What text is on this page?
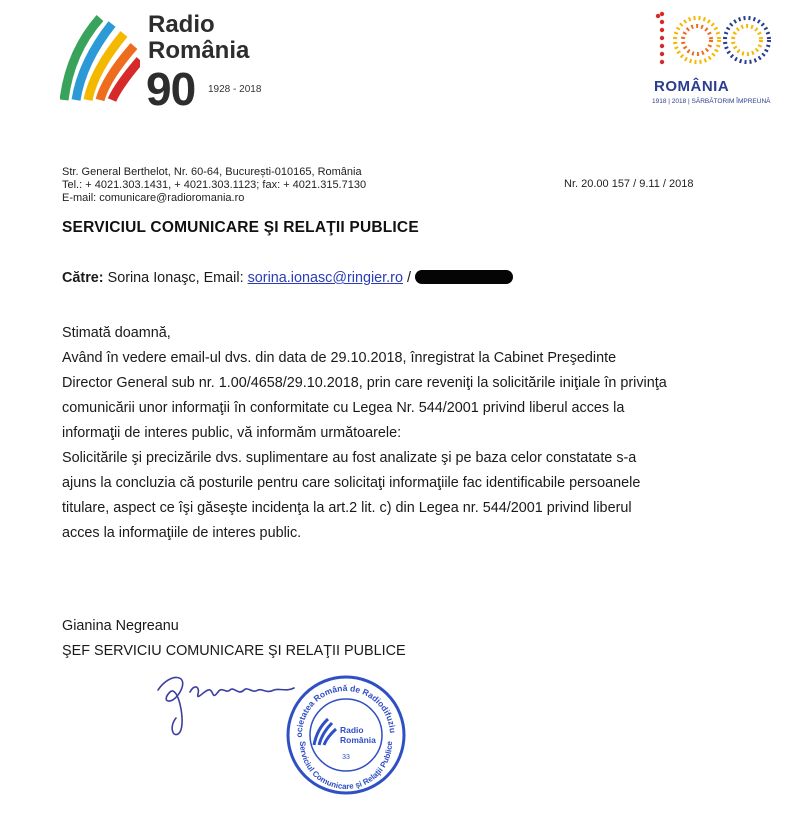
Radio
România
90 1928 - 2018	ROMÂNIA
1918 | 2018 | SĂRBĂTORIM ÎMPREUNĂ
Str. General Berthelot, Nr. 60-64, București-010165, România
Tel.: + 4021.303.1431, + 4021.303.1123; fax: + 4021.315.7130
E-mail: comunicare@radioromania.ro
Nr. 20.00 157 / 9.11 / 2018
SERVICIUL COMUNICARE ŞI RELAŢII PUBLICE
Către: Sorina Ionaşc, Email: sorina.ionasc@ringier.ro /
Stimată doamnă,
Având în vedere email-ul dvs. din data de 29.10.2018, înregistrat la Cabinet Preşedinte
Director General sub nr. 1.00/4658/29.10.2018, prin care reveniţi la solicitările iniţiale în privinţa
comunicării unor informaţii în conformitate cu Legea Nr. 544/2001 privind liberul acces la
informaţii de interes public, vă informăm următoarele:
Solicitările şi precizările dvs. suplimentare au fost analizate şi pe baza celor constatate s-a
ajuns la concluzia că posturile pentru care solicitaţi informaţiile fac identificabile persoanele
titulare, aspect ce îşi găseşte incidenţa la art.2 lit. c) din Legea nr. 544/2001 privind liberul
acces la informaţiile de interes public.
Gianina Negreanu
ŞEF SERVICIU COMUNICARE ŞI RELAŢII PUBLICE
ocietatea Română de Radiodifuziu
Serviciul Comunicare şi Relaţii Publice
Radio
România
33
